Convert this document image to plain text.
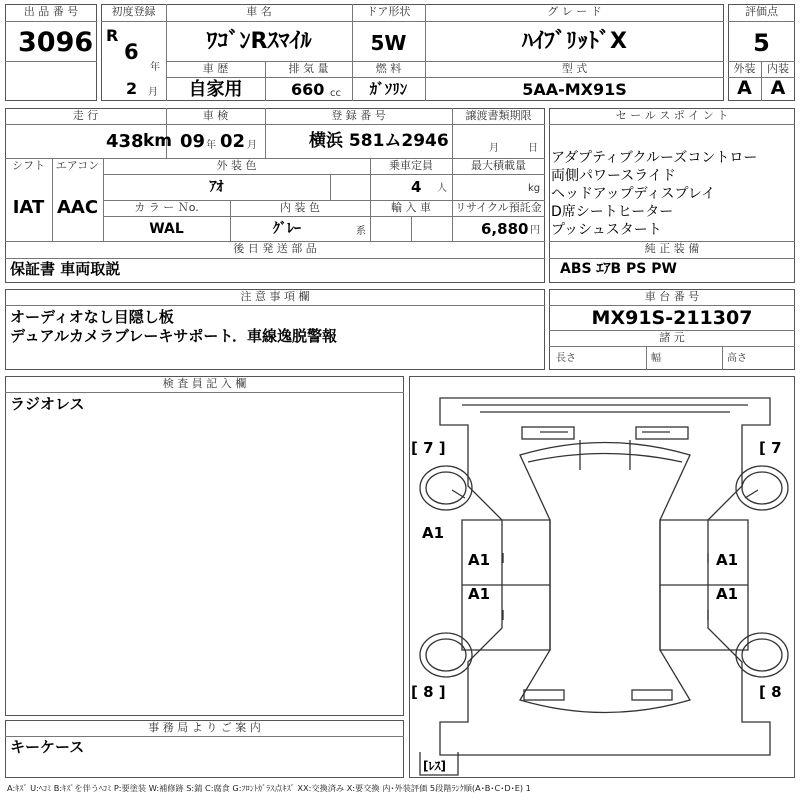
出 品 番 号
3096
初度登録
R
6
年
2 月
車 名
ﾜｺﾞﾝRｽﾏｲﾙ
ドア形状
5W
グ レ ー ド
ﾊｲﾌﾞﾘｯﾄﾞX
車 歴
自家用
排 気 量
660 cc
燃 料
ｶﾞｿﾘﾝ
型 式
5AA-MX91S
評価点
5
外装	内装
A A
走 行
438 km
車 検
09 年 02 月
登 録 番 号
横浜 581ム2946
譲渡書類期限
月	日
シフト
IAT
エアコン
AAC
外 装 色
ｱｵ
乗車定員
4 人
最大積載量
kg
カ ラ ー Ｎo.
WAL
内 装 色
ｸﾞﾚｰ	系
輸 入 車	リサイクル預託金
6,880 円
後 日 発 送 部 品
保証書 車両取説
セ ー ル ス ポ イ ン ト
アダプティブクルーズコントロー
両側パワースライド
ヘッドアップディスプレイ
D席シートヒーター
プッシュスタート
純 正 装 備
ABS ｴｱB PS PW
注 意 事 項 欄
オーディオなし目隠し板
デュアルカメラブレーキサポート．車線逸脱警報
車 台 番 号
MX91S-211307
諸 元
長さ	幅	高さ
検 査 員 記 入 欄
ラジオレス
事 務 局 よ り ご 案 内
キーケース
[ 7 ]	[ 7
[ 8 ]	[ 8
[ﾚｽ]
A1
A1
A1
A1
A1
A:ｷｽﾞ U:ﾍｺﾐ B:ｷｽﾞを伴うﾍｺﾐ P:要塗装 W:補修跡 S:錆 C:腐食 G:ﾌﾛﾝﾄｶﾞﾗｽ点ｷｽﾞ XX:交換済み X:要交換 内･外装評価 5段階ﾗﾝｸ順(A･B･C･D･E) 1
